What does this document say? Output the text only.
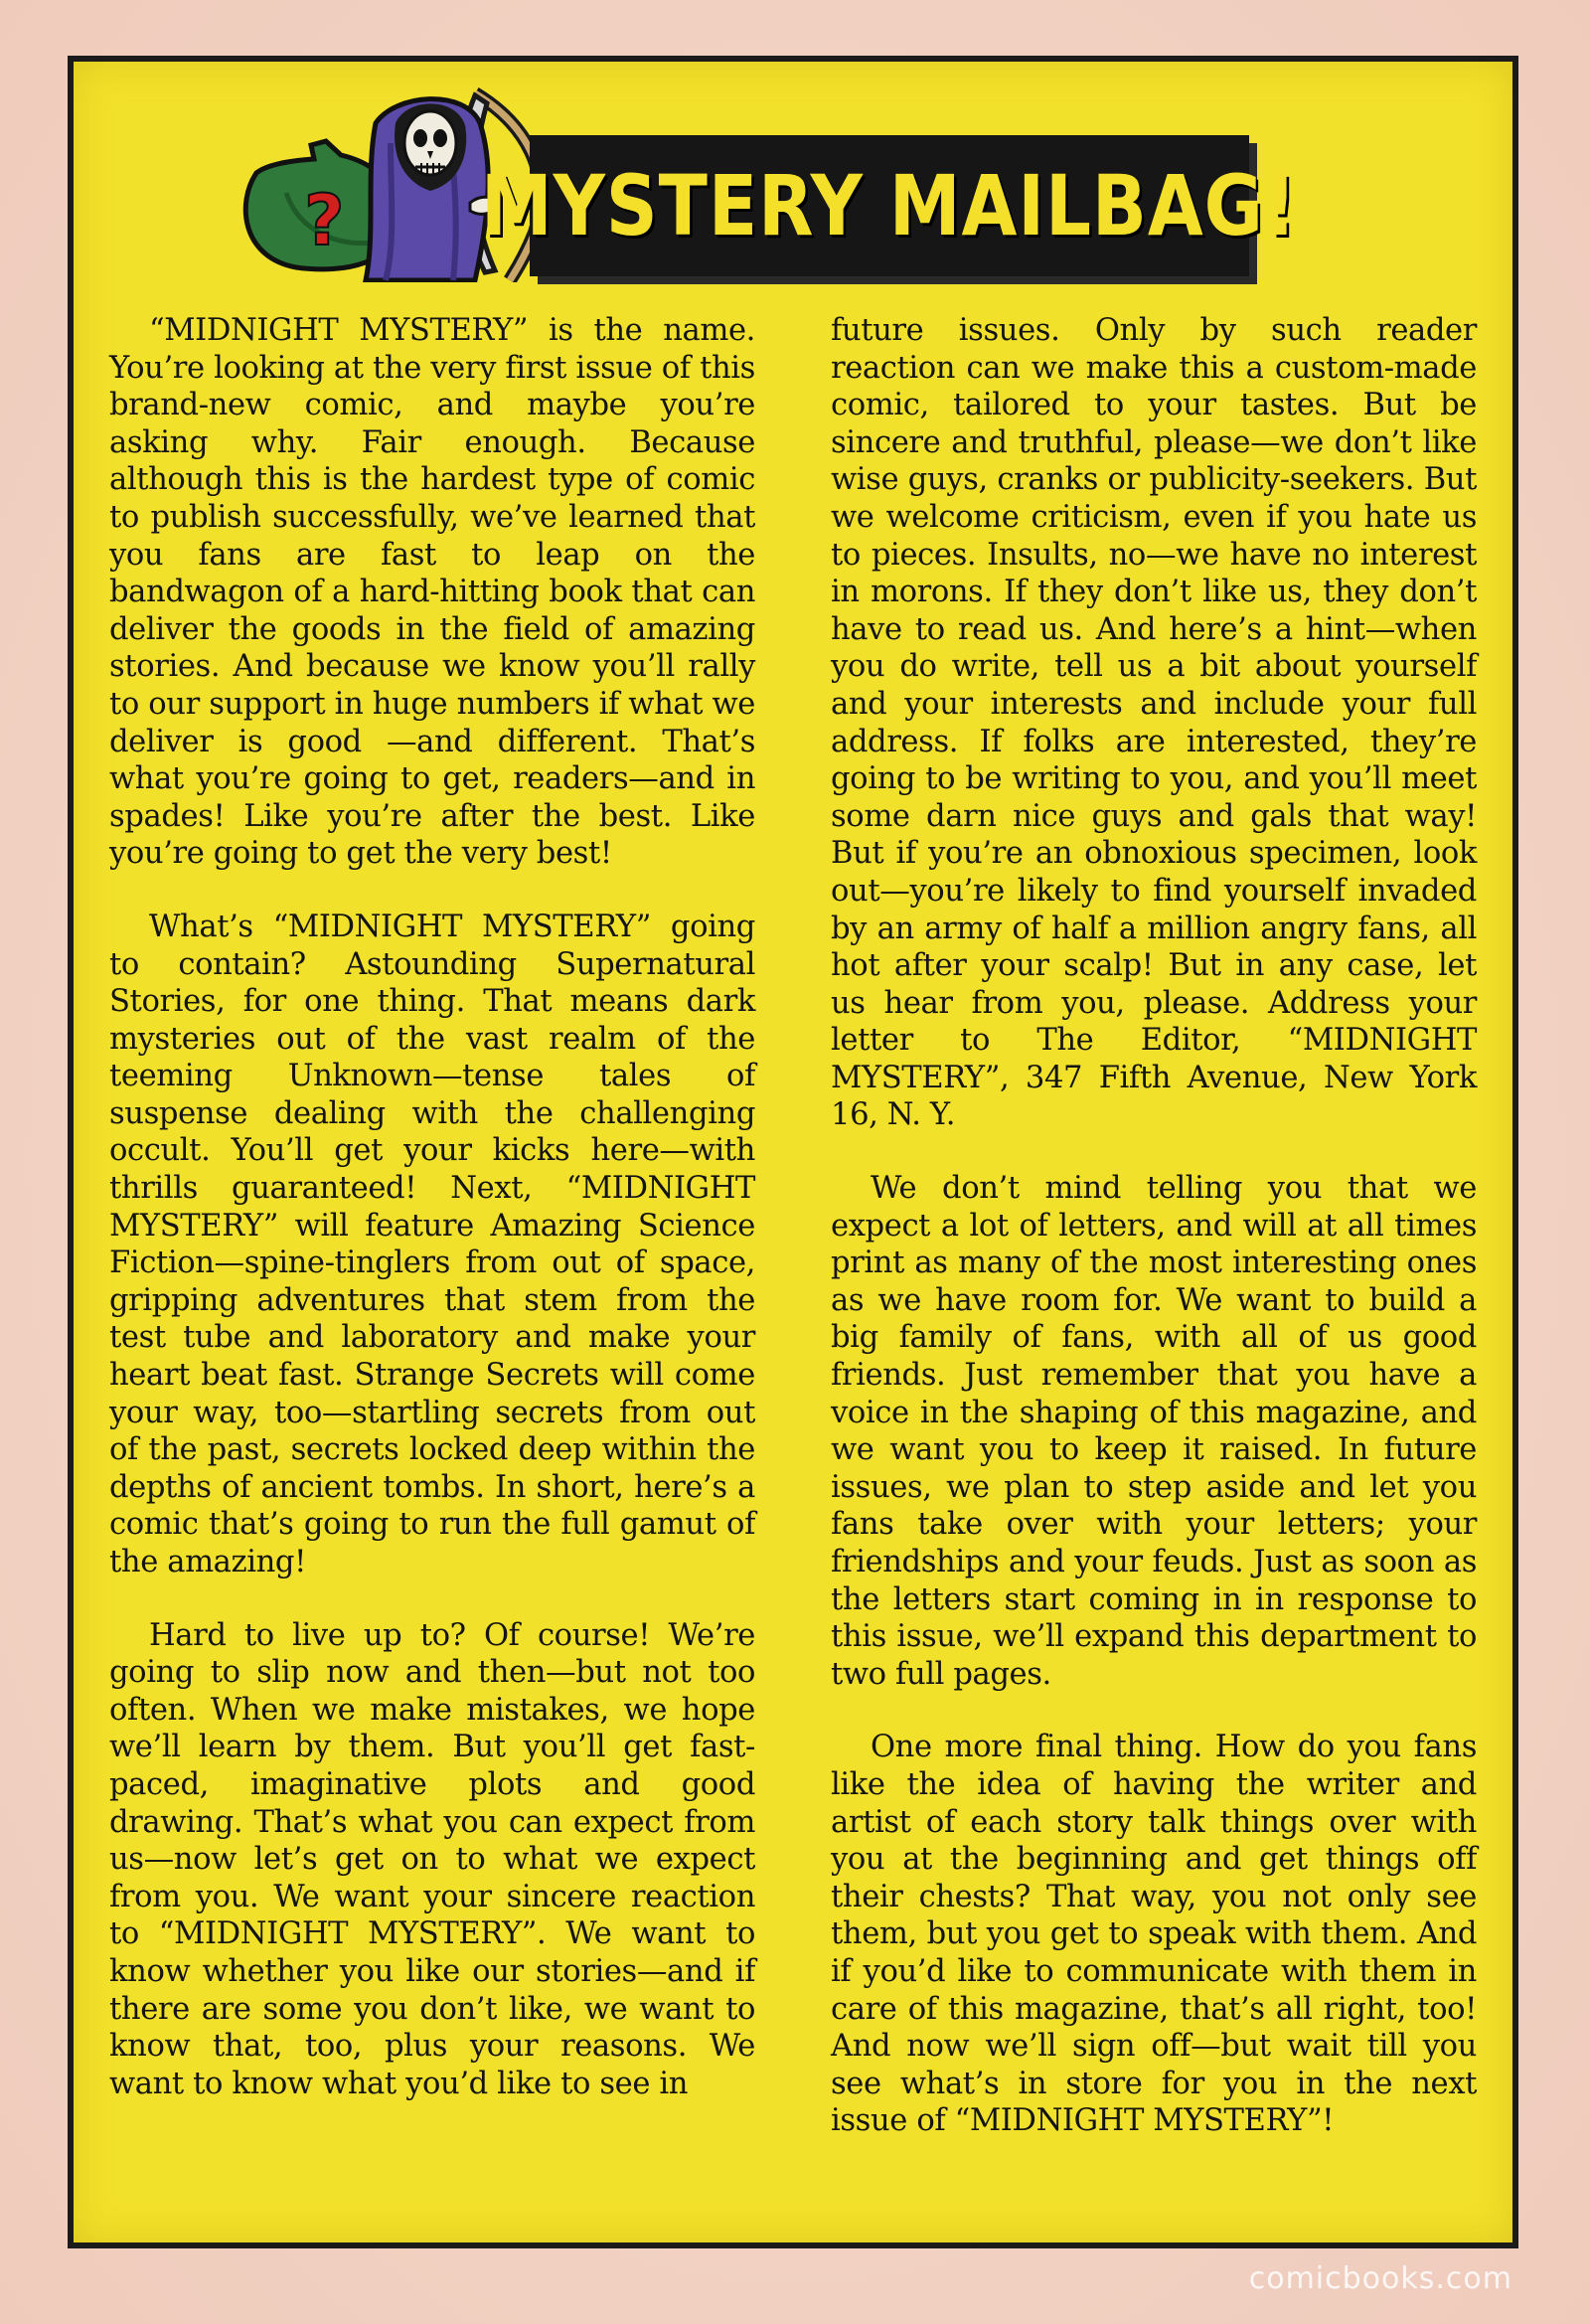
? MYSTERY MAILBAG!

“MIDNIGHT MYSTERY” is the name. You’re looking at the very first issue of this brand-new comic, and maybe you’re asking why. Fair enough. Because although this is the hardest type of comic to publish successfully, we’ve learned that you fans are fast to leap on the bandwagon of a hard-hitting book that can deliver the goods in the field of amazing stories. And because we know you’ll rally to our support in huge numbers if what we deliver is good —and different. That’s what you’re going to get, readers—and in spades! Like you’re after the best. Like you’re going to get the very best!

What’s “MIDNIGHT MYSTERY” going to contain? Astounding Supernatural Stories, for one thing. That means dark mysteries out of the vast realm of the teeming Unknown—tense tales of suspense dealing with the challenging occult. You’ll get your kicks here—with thrills guaranteed! Next, “MIDNIGHT MYSTERY” will feature Amazing Science Fiction—spine-tinglers from out of space, gripping adventures that stem from the test tube and laboratory and make your heart beat fast. Strange Secrets will come your way, too—startling secrets from out of the past, secrets locked deep within the depths of ancient tombs. In short, here’s a comic that’s going to run the full gamut of the amazing!

Hard to live up to? Of course! We’re going to slip now and then—but not too often. When we make mistakes, we hope we’ll learn by them. But you’ll get fast-paced, imaginative plots and good drawing. That’s what you can expect from us—now let’s get on to what we expect from you. We want your sincere reaction to “MIDNIGHT MYSTERY”. We want to know whether you like our stories—and if there are some you don’t like, we want to know that, too, plus your reasons. We want to know what you’d like to see in

future issues. Only by such reader reaction can we make this a custom-made comic, tailored to your tastes. But be sincere and truthful, please—we don’t like wise guys, cranks or publicity-seekers. But we welcome criticism, even if you hate us to pieces. Insults, no—we have no interest in morons. If they don’t like us, they don’t have to read us. And here’s a hint—when you do write, tell us a bit about yourself and your interests and include your full address. If folks are interested, they’re going to be writing to you, and you’ll meet some darn nice guys and gals that way! But if you’re an obnoxious specimen, look out—you’re likely to find yourself invaded by an army of half a million angry fans, all hot after your scalp! But in any case, let us hear from you, please. Address your letter to The Editor, “MIDNIGHT MYSTERY”, 347 Fifth Avenue, New York 16, N. Y.

We don’t mind telling you that we expect a lot of letters, and will at all times print as many of the most interesting ones as we have room for. We want to build a big family of fans, with all of us good friends. Just remember that you have a voice in the shaping of this magazine, and we want you to keep it raised. In future issues, we plan to step aside and let you fans take over with your letters; your friendships and your feuds. Just as soon as the letters start coming in in response to this issue, we’ll expand this department to two full pages.

One more final thing. How do you fans like the idea of having the writer and artist of each story talk things over with you at the beginning and get things off their chests? That way, you not only see them, but you get to speak with them. And if you’d like to communicate with them in care of this magazine, that’s all right, too! And now we’ll sign off—but wait till you see what’s in store for you in the next issue of “MIDNIGHT MYSTERY”!

comicbooks.com
